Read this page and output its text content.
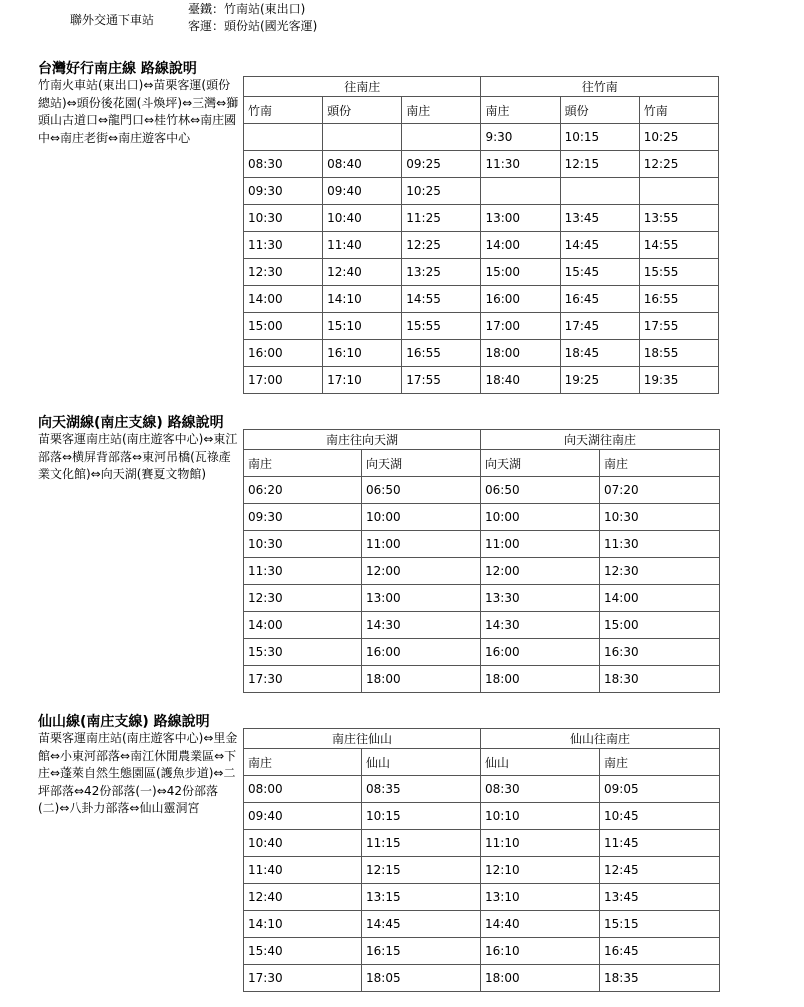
聯外交通下車站
臺鐵：竹南站(東出口)
客運：頭份站(國光客運)
台灣好行南庄線 路線說明
竹南火車站(東出口)⇔苗栗客運(頭份總站)⇔頭份後花園(斗煥坪)⇔三灣⇔獅頭山古道口⇔龍門口⇔桂竹林⇔南庄國中⇔南庄老街⇔南庄遊客中心
往南庄			往竹南		
竹南	頭份	南庄	南庄	頭份	竹南
			9:30	10:15	10:25
08:30	08:40	09:25	11:30	12:15	12:25
09:30	09:40	10:25			
10:30	10:40	11:25	13:00	13:45	13:55
11:30	11:40	12:25	14:00	14:45	14:55
12:30	12:40	13:25	15:00	15:45	15:55
14:00	14:10	14:55	16:00	16:45	16:55
15:00	15:10	15:55	17:00	17:45	17:55
16:00	16:10	16:55	18:00	18:45	18:55
17:00	17:10	17:55	18:40	19:25	19:35
向天湖線(南庄支線) 路線說明
苗栗客運南庄站(南庄遊客中心)⇔東江部落⇔横屏背部落⇔東河吊橋(瓦祿產業文化館)⇔向天湖(賽夏文物館)
南庄往向天湖		向天湖往南庄	
南庄	向天湖	向天湖	南庄
06:20	06:50	06:50	07:20
09:30	10:00	10:00	10:30
10:30	11:00	11:00	11:30
11:30	12:00	12:00	12:30
12:30	13:00	13:30	14:00
14:00	14:30	14:30	15:00
15:30	16:00	16:00	16:30
17:30	18:00	18:00	18:30
仙山線(南庄支線) 路線說明
苗栗客運南庄站(南庄遊客中心)⇔里金館⇔小東河部落⇔南江休閒農業區⇔下庄⇔蓬萊自然生態園區(護魚步道)⇔二坪部落⇔42份部落(一)⇔42份部落(二)⇔八卦力部落⇔仙山靈洞宮
南庄往仙山		仙山往南庄	
南庄	仙山	仙山	南庄
08:00	08:35	08:30	09:05
09:40	10:15	10:10	10:45
10:40	11:15	11:10	11:45
11:40	12:15	12:10	12:45
12:40	13:15	13:10	13:45
14:10	14:45	14:40	15:15
15:40	16:15	16:10	16:45
17:30	18:05	18:00	18:35
